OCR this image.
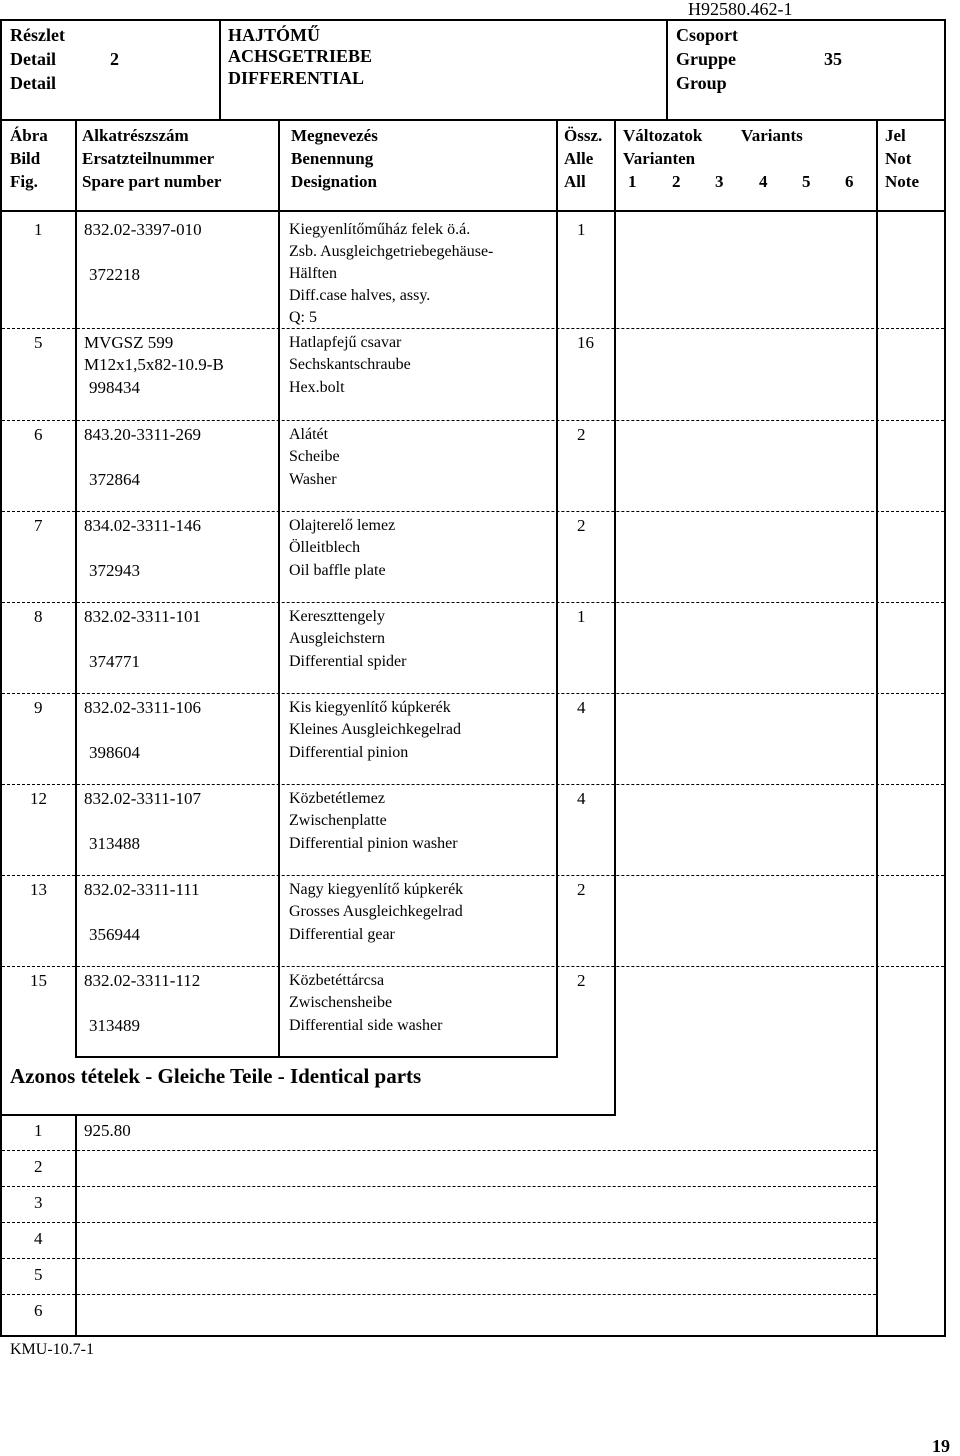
H92580.462-1
Részlet
Detail
Detail
2
HAJTÓMŰ
ACHSGETRIEBE
DIFFERENTIAL
Csoport
Gruppe
Group
35
Ábra
Bild
Fig.
Alkatrészszám
Ersatzteilnummer
Spare part number
Megnevezés
Benennung
Designation
Össz.
Alle
All
Változatok Variants
Varianten
1 2 3 4 5 6
Jel
Not
Note
1 832.02-3397-010
372218
Kiegyenlítőműház felek ö.á.
Zsb. Ausgleichgetriebegehäuse-
Hälften
Diff.case halves, assy.
Q: 5
1
5 MVGSZ 599
M12x1,5x82-10.9-B
998434
Hatlapfejű csavar
Sechskantschraube
Hex.bolt
16
6 843.20-3311-269
372864
Alátét
Scheibe
Washer
2
7 834.02-3311-146
372943
Olajterelő lemez
Ölleitblech
Oil baffle plate
2
8 832.02-3311-101
374771
Kereszttengely
Ausgleichstern
Differential spider
1
9 832.02-3311-106
398604
Kis kiegyenlítő kúpkerék
Kleines Ausgleichkegelrad
Differential pinion
4
12 832.02-3311-107
313488
Közbetétlemez
Zwischenplatte
Differential pinion washer
4
13 832.02-3311-111
356944
Nagy kiegyenlítő kúpkerék
Grosses Ausgleichkegelrad
Differential gear
2
15 832.02-3311-112
313489
Közbetéttárcsa
Zwischensheibe
Differential side washer
2
Azonos tételek - Gleiche Teile - Identical parts
1 925.80
2
3
4
5
6
KMU-10.7-1
19
